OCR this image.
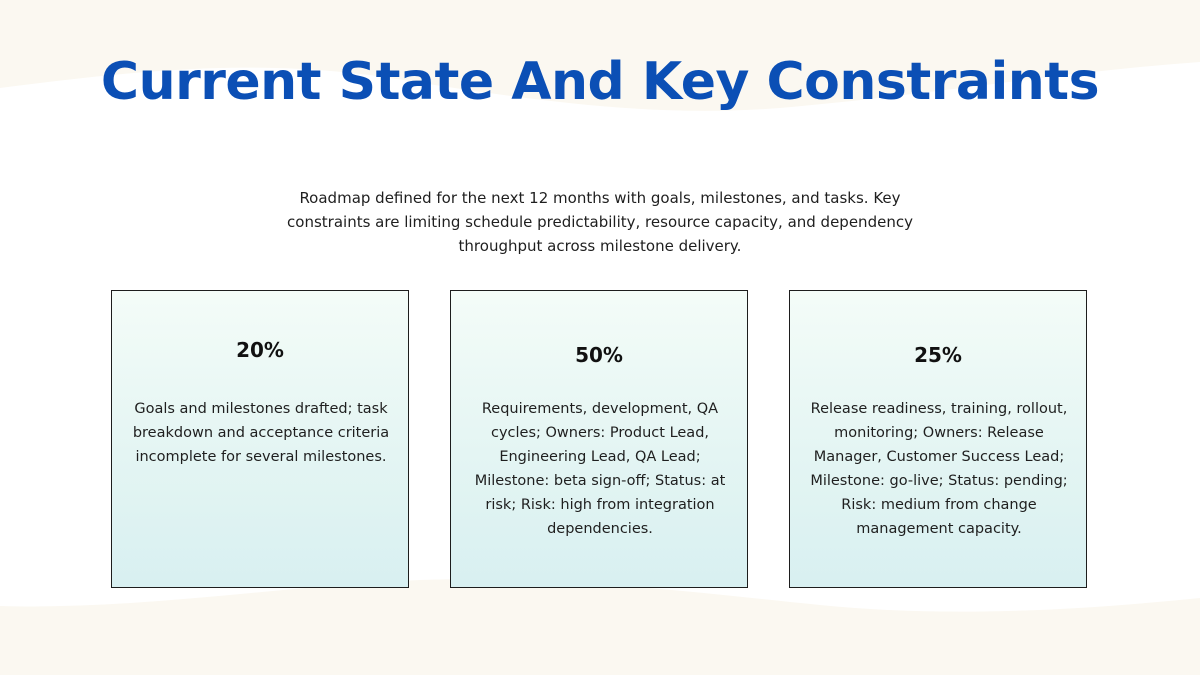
Current State And Key Constraints

Roadmap defined for the next 12 months with goals, milestones, and tasks. Key constraints are limiting schedule predictability, resource capacity, and dependency throughput across milestone delivery.

20%

Goals and milestones drafted; task breakdown and acceptance criteria incomplete for several milestones.

50%

Requirements, development, QA cycles; Owners: Product Lead, Engineering Lead, QA Lead; Milestone: beta sign-off; Status: at risk; Risk: high from integration dependencies.

25%

Release readiness, training, rollout, monitoring; Owners: Release Manager, Customer Success Lead; Milestone: go-live; Status: pending; Risk: medium from change management capacity.
